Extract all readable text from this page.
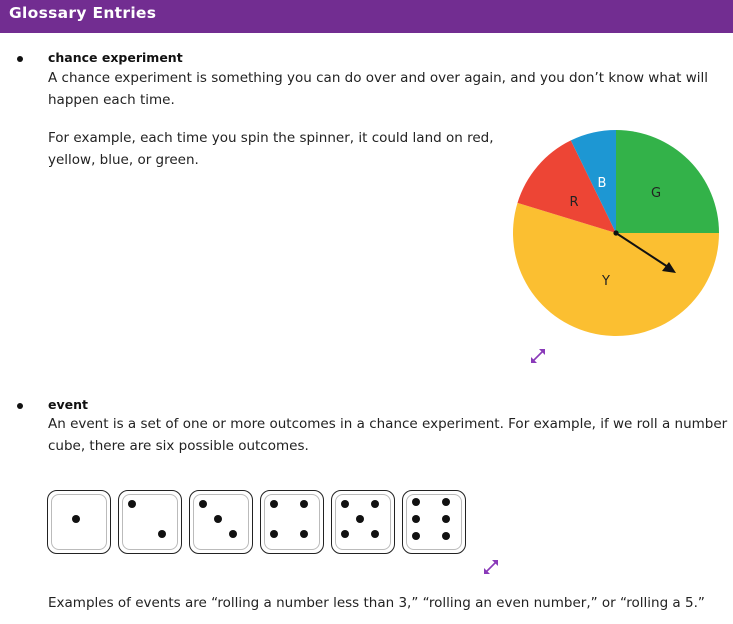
Glossary Entries
chance experiment
A chance experiment is something you can do over and over again, and you don’t know what will
happen each time.
For example, each time you spin the spinner, it could land on red,
yellow, blue, or green.
G
Y
R
B
event
An event is a set of one or more outcomes in a chance experiment. For example, if we roll a number
cube, there are six possible outcomes.
Examples of events are “rolling a number less than 3,” “rolling an even number,” or “rolling a 5.”
